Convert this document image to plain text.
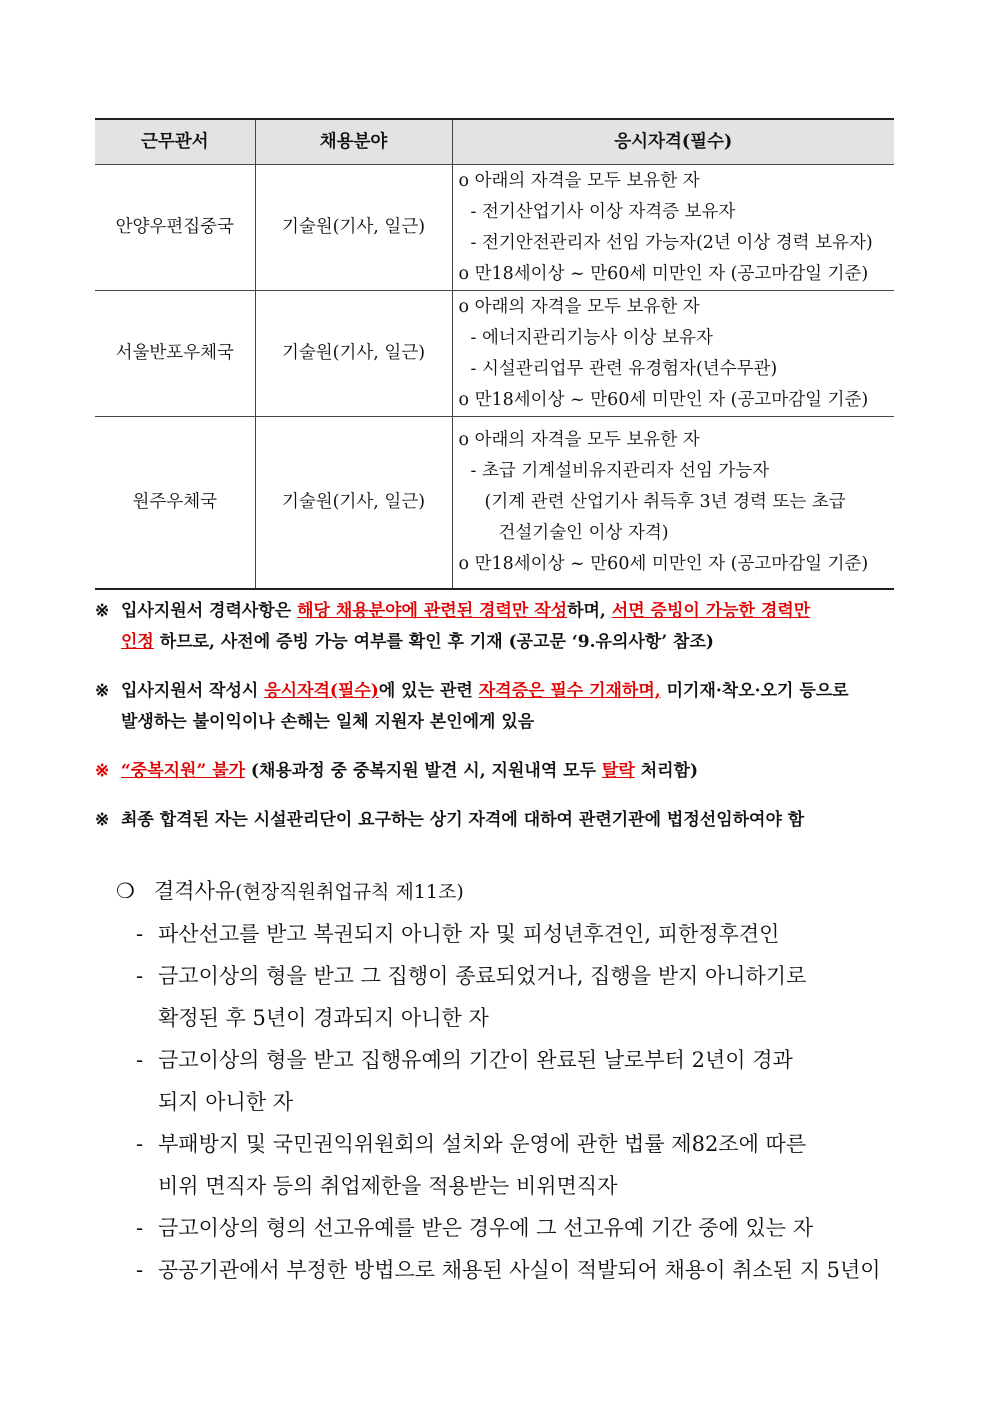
근무관서	채용분야	응시자격(필수)
안양우편집중국	기술원(기사, 일근)	o 아래의 자격을 모두 보유한 자
- 전기산업기사 이상 자격증 보유자
- 전기안전관리자 선임 가능자(2년 이상 경력 보유자)
o 만18세이상 ~ 만60세 미만인 자 (공고마감일 기준)

서울반포우체국	기술원(기사, 일근)	o 아래의 자격을 모두 보유한 자
- 에너지관리기능사 이상 보유자
- 시설관리업무 관련 유경험자(년수무관)
o 만18세이상 ~ 만60세 미만인 자 (공고마감일 기준)

원주우체국	기술원(기사, 일근)	o 아래의 자격을 모두 보유한 자
- 초급 기계설비유지관리자 선임 가능자
(기계 관련 산업기사 취득후 3년 경력 또는 초급
건설기술인 이상 자격)
o 만18세이상 ~ 만60세 미만인 자 (공고마감일 기준)
※ 입사지원서 경력사항은 해당 채용분야에 관련된 경력만 작성하며, 서면 증빙이 가능한 경력만
인정 하므로, 사전에 증빙 가능 여부를 확인 후 기재 (공고문 ‘9.유의사항’ 참조)
※ 입사지원서 작성시 응시자격(필수)에 있는 관련 자격증은 필수 기재하며, 미기재·착오·오기 등으로
발생하는 불이익이나 손해는 일체 지원자 본인에게 있음
※ “중복지원” 불가 (채용과정 중 중복지원 발견 시, 지원내역 모두 탈락 처리함)
※ 최종 합격된 자는 시설관리단이 요구하는 상기 자격에 대하여 관련기관에 법정선임하여야 함
❍ 결격사유(현장직원취업규칙 제11조)
- 파산선고를 받고 복권되지 아니한 자 및 피성년후견인, 피한정후견인
- 금고이상의 형을 받고 그 집행이 종료되었거나, 집행을 받지 아니하기로
확정된 후 5년이 경과되지 아니한 자
- 금고이상의 형을 받고 집행유예의 기간이 완료된 날로부터 2년이 경과
되지 아니한 자
- 부패방지 및 국민권익위원회의 설치와 운영에 관한 법률 제82조에 따른
비위 면직자 등의 취업제한을 적용받는 비위면직자
- 금고이상의 형의 선고유예를 받은 경우에 그 선고유예 기간 중에 있는 자
- 공공기관에서 부정한 방법으로 채용된 사실이 적발되어 채용이 취소된 지 5년이
